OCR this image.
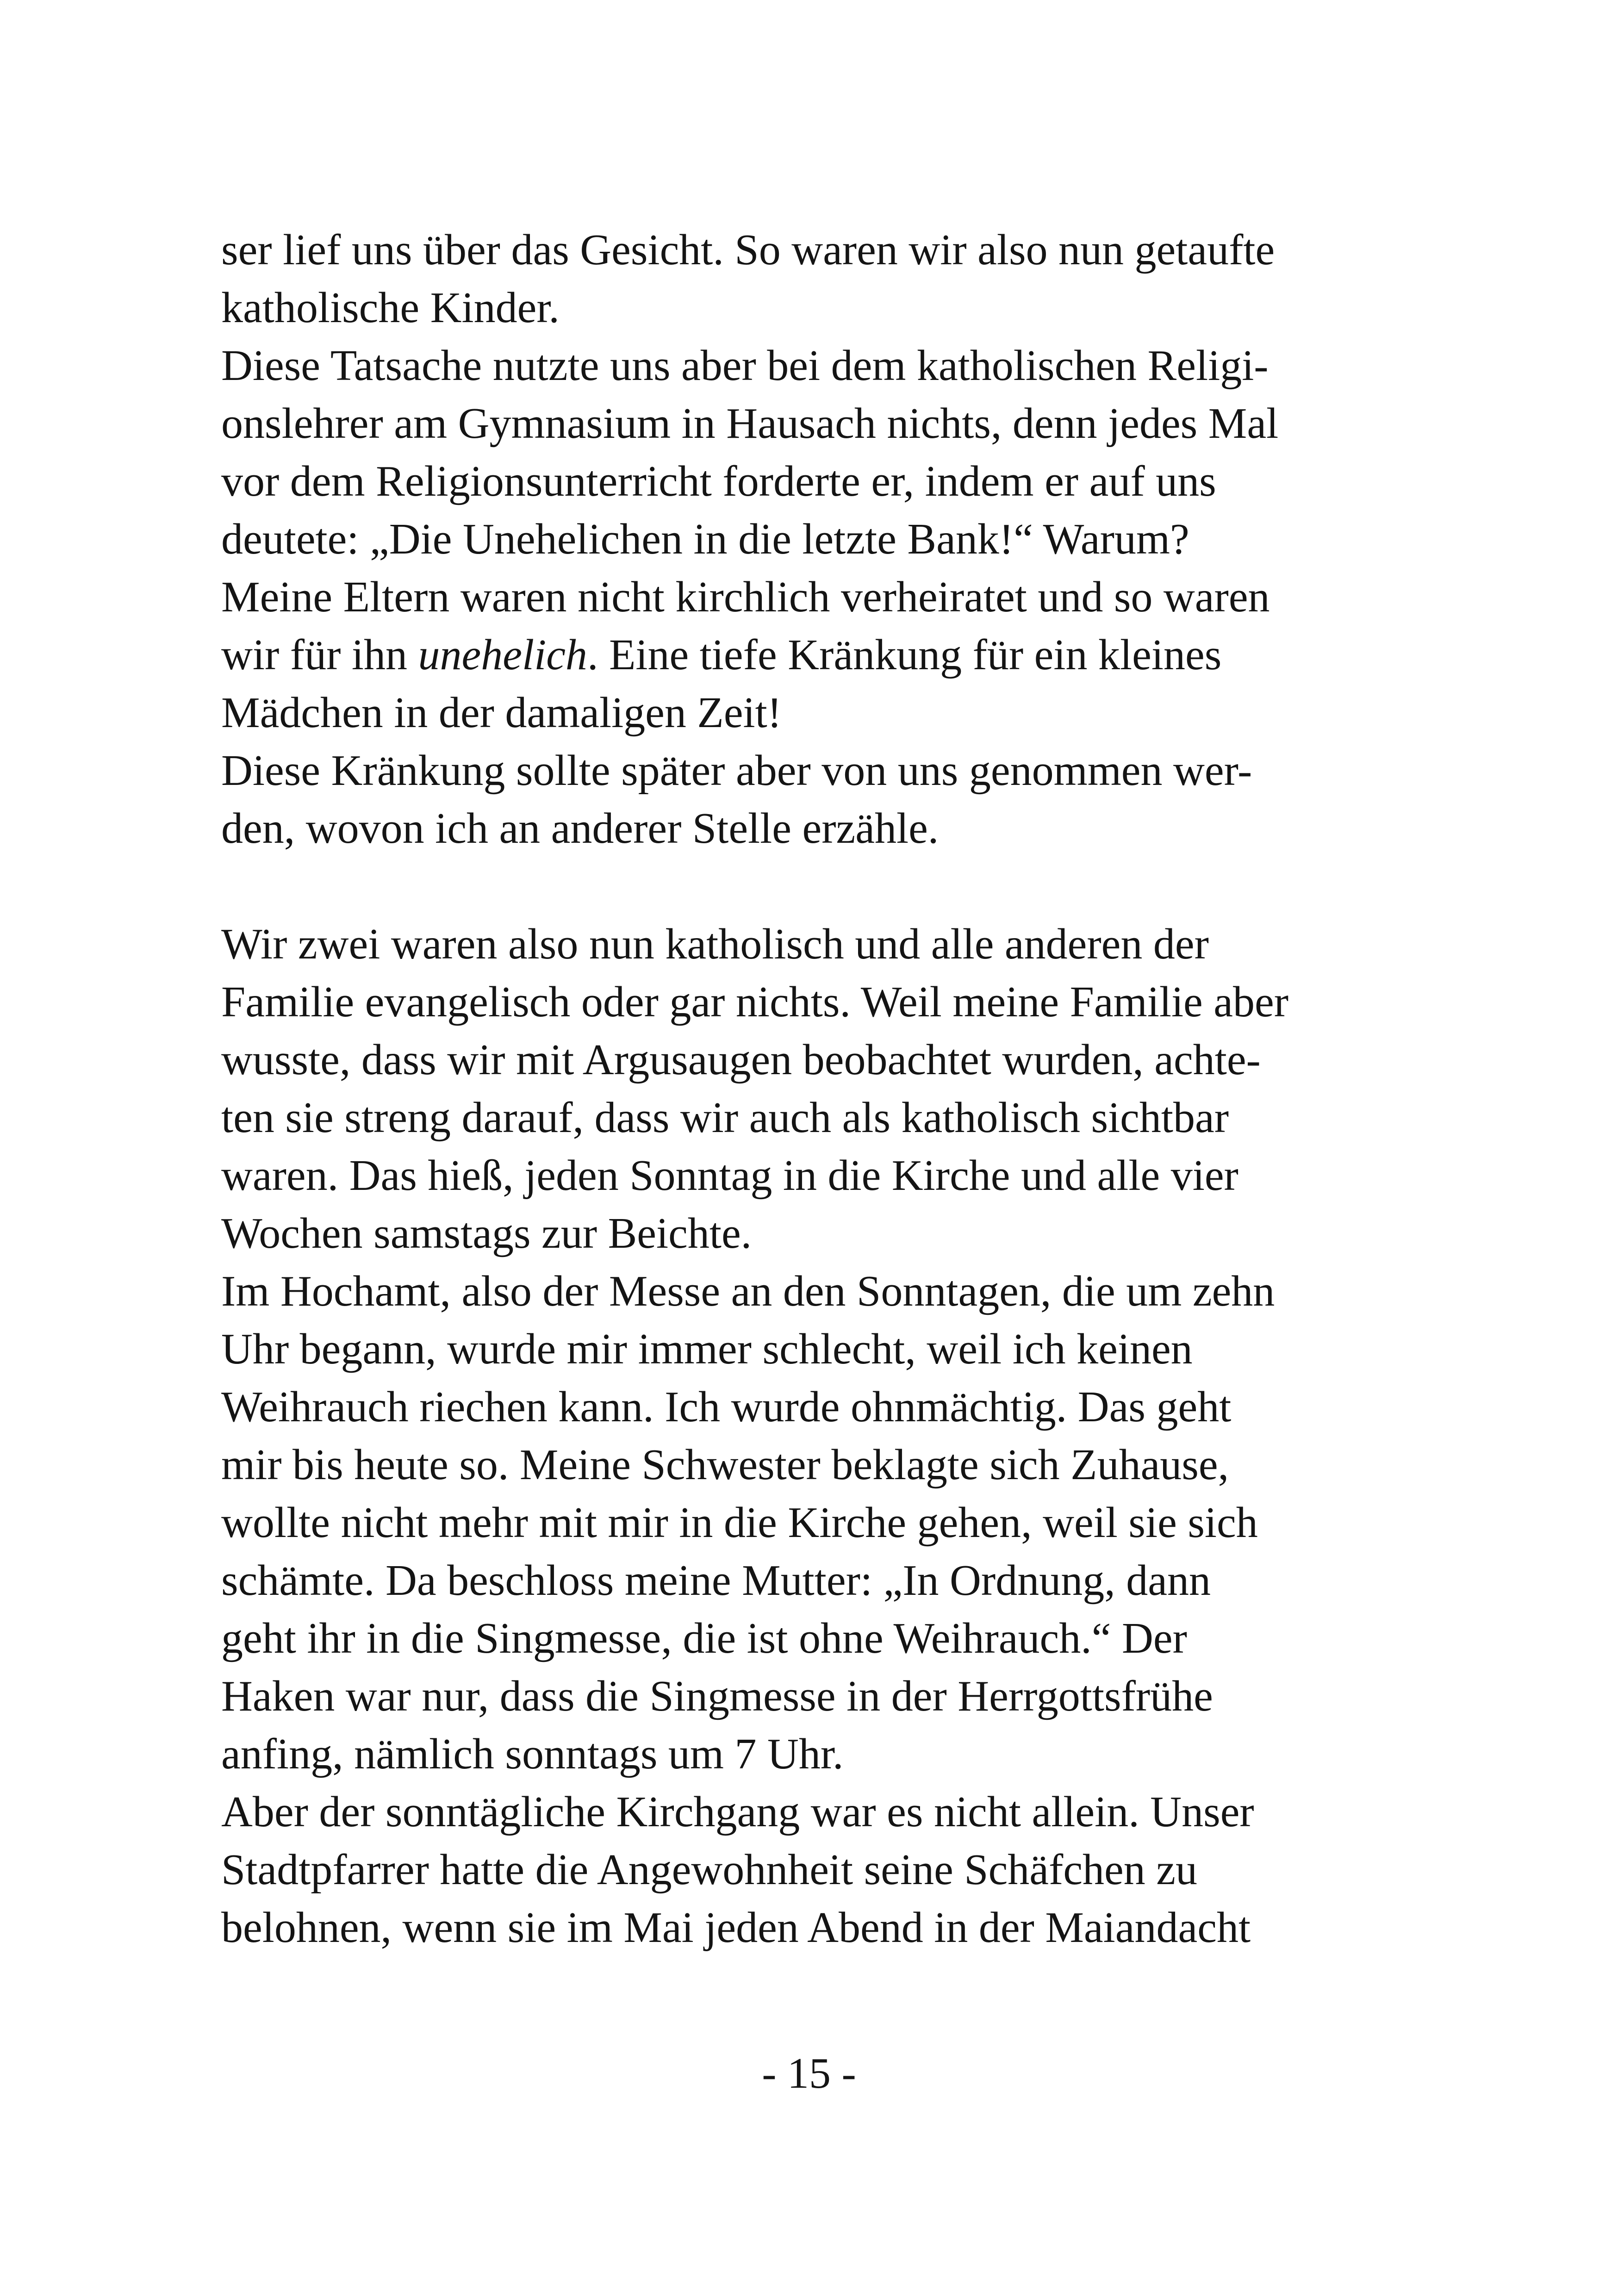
ser lief uns über das Gesicht. So waren wir also nun getaufte
katholische Kinder.
Diese Tatsache nutzte uns aber bei dem katholischen Religi-
onslehrer am Gymnasium in Hausach nichts, denn jedes Mal
vor dem Religionsunterricht forderte er, indem er auf uns
deutete: „Die Unehelichen in die letzte Bank!“ Warum?
Meine Eltern waren nicht kirchlich verheiratet und so waren
wir für ihn unehelich. Eine tiefe Kränkung für ein kleines
Mädchen in der damaligen Zeit!
Diese Kränkung sollte später aber von uns genommen wer-
den, wovon ich an anderer Stelle erzähle.
Wir zwei waren also nun katholisch und alle anderen der
Familie evangelisch oder gar nichts. Weil meine Familie aber
wusste, dass wir mit Argusaugen beobachtet wurden, achte-
ten sie streng darauf, dass wir auch als katholisch sichtbar
waren. Das hieß, jeden Sonntag in die Kirche und alle vier
Wochen samstags zur Beichte.
Im Hochamt, also der Messe an den Sonntagen, die um zehn
Uhr begann, wurde mir immer schlecht, weil ich keinen
Weihrauch riechen kann. Ich wurde ohnmächtig. Das geht
mir bis heute so. Meine Schwester beklagte sich Zuhause,
wollte nicht mehr mit mir in die Kirche gehen, weil sie sich
schämte. Da beschloss meine Mutter: „In Ordnung, dann
geht ihr in die Singmesse, die ist ohne Weihrauch.“ Der
Haken war nur, dass die Singmesse in der Herrgottsfrühe
anfing, nämlich sonntags um 7 Uhr.
Aber der sonntägliche Kirchgang war es nicht allein. Unser
Stadtpfarrer hatte die Angewohnheit seine Schäfchen zu
belohnen, wenn sie im Mai jeden Abend in der Maiandacht
- 15 -
